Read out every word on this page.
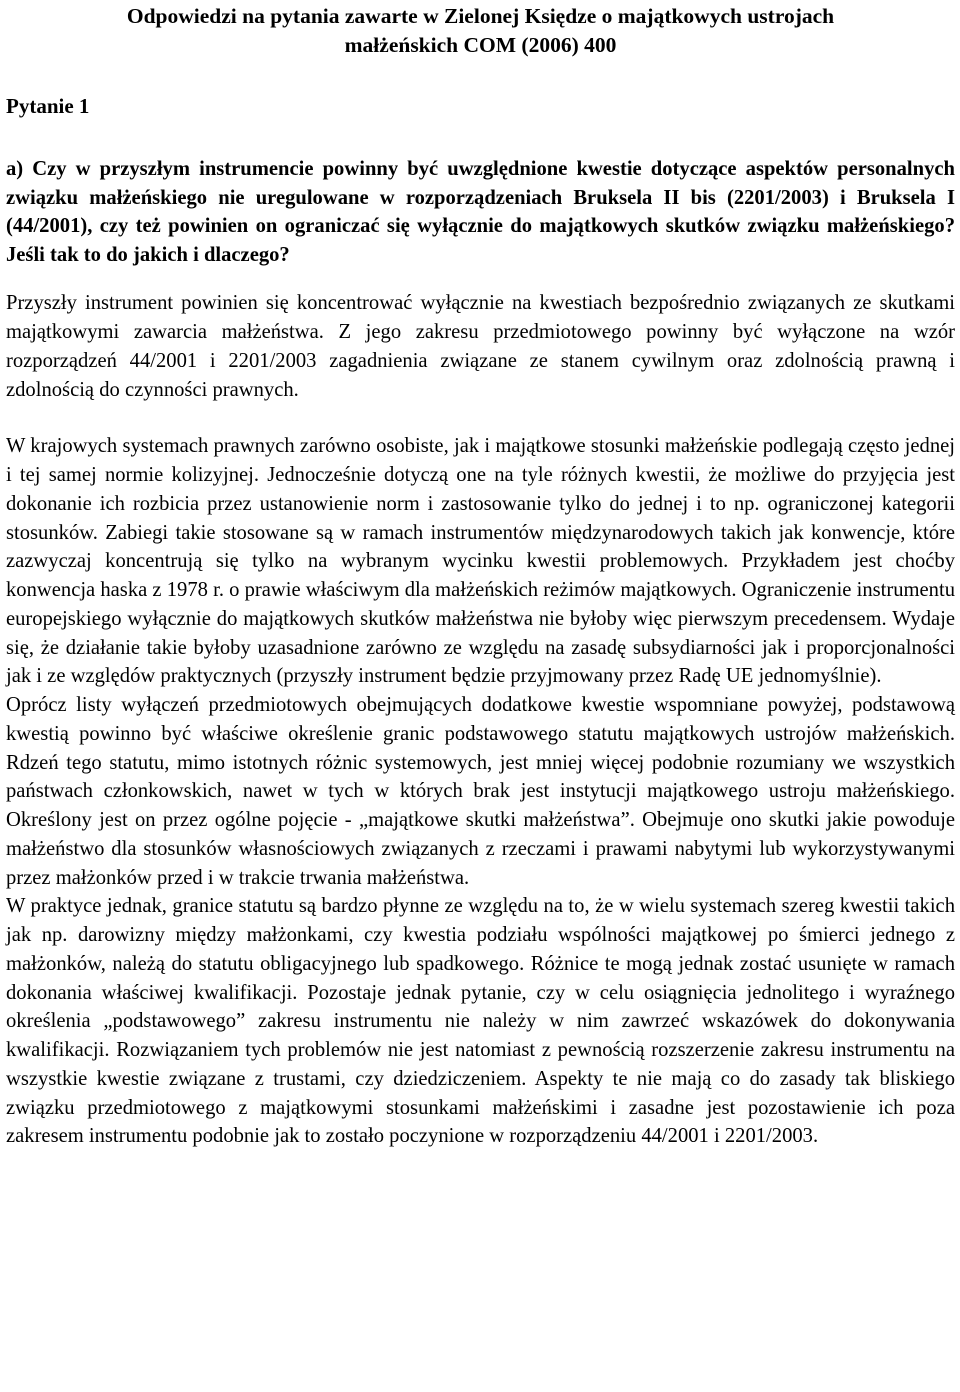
Odpowiedzi na pytania zawarte w Zielonej Księdze o majątkowych ustrojach
małżeńskich COM (2006) 400

Pytanie 1

a) Czy w przyszłym instrumencie powinny być uwzględnione kwestie dotyczące aspektów personalnych związku małżeńskiego nie uregulowane w rozporządzeniach Bruksela II bis (2201/2003) i Bruksela I (44/2001), czy też powinien on ograniczać się wyłącznie do majątkowych skutków związku małżeńskiego? Jeśli tak to do jakich i dlaczego?

Przyszły instrument powinien się koncentrować wyłącznie na kwestiach bezpośrednio związanych ze skutkami majątkowymi zawarcia małżeństwa. Z jego zakresu przedmiotowego powinny być wyłączone na wzór rozporządzeń 44/2001 i 2201/2003 zagadnienia związane ze stanem cywilnym oraz zdolnością prawną i zdolnością do czynności prawnych.

W krajowych systemach prawnych zarówno osobiste, jak i majątkowe stosunki małżeńskie podlegają często jednej i tej samej normie kolizyjnej. Jednocześnie dotyczą one na tyle różnych kwestii, że możliwe do przyjęcia jest dokonanie ich rozbicia przez ustanowienie norm i zastosowanie tylko do jednej i to np. ograniczonej kategorii stosunków. Zabiegi takie stosowane są w ramach instrumentów międzynarodowych takich jak konwencje, które zazwyczaj koncentrują się tylko na wybranym wycinku kwestii problemowych. Przykładem jest choćby konwencja haska z 1978 r. o prawie właściwym dla małżeńskich reżimów majątkowych. Ograniczenie instrumentu europejskiego wyłącznie do majątkowych skutków małżeństwa nie byłoby więc pierwszym precedensem. Wydaje się, że działanie takie byłoby uzasadnione zarówno ze względu na zasadę subsydiarności jak i proporcjonalności jak i ze względów praktycznych (przyszły instrument będzie przyjmowany przez Radę UE jednomyślnie).

Oprócz listy wyłączeń przedmiotowych obejmujących dodatkowe kwestie wspomniane powyżej, podstawową kwestią powinno być właściwe określenie granic podstawowego statutu majątkowych ustrojów małżeńskich. Rdzeń tego statutu, mimo istotnych różnic systemowych, jest mniej więcej podobnie rozumiany we wszystkich państwach członkowskich, nawet w tych w których brak jest instytucji majątkowego ustroju małżeńskiego. Określony jest on przez ogólne pojęcie - „majątkowe skutki małżeństwa”. Obejmuje ono skutki jakie powoduje małżeństwo dla stosunków własnościowych związanych z rzeczami i prawami nabytymi lub wykorzystywanymi przez małżonków przed i w trakcie trwania małżeństwa.

W praktyce jednak, granice statutu są bardzo płynne ze względu na to, że w wielu systemach szereg kwestii takich jak np. darowizny między małżonkami, czy kwestia podziału wspólności majątkowej po śmierci jednego z małżonków, należą do statutu obligacyjnego lub spadkowego. Różnice te mogą jednak zostać usunięte w ramach dokonania właściwej kwalifikacji. Pozostaje jednak pytanie, czy w celu osiągnięcia jednolitego i wyraźnego określenia „podstawowego” zakresu instrumentu nie należy w nim zawrzeć wskazówek do dokonywania kwalifikacji. Rozwiązaniem tych problemów nie jest natomiast z pewnością rozszerzenie zakresu instrumentu na wszystkie kwestie związane z trustami, czy dziedziczeniem. Aspekty te nie mają co do zasady tak bliskiego związku przedmiotowego z majątkowymi stosunkami małżeńskimi i zasadne jest pozostawienie ich poza zakresem instrumentu podobnie jak to zostało poczynione w rozporządzeniu 44/2001 i 2201/2003.
